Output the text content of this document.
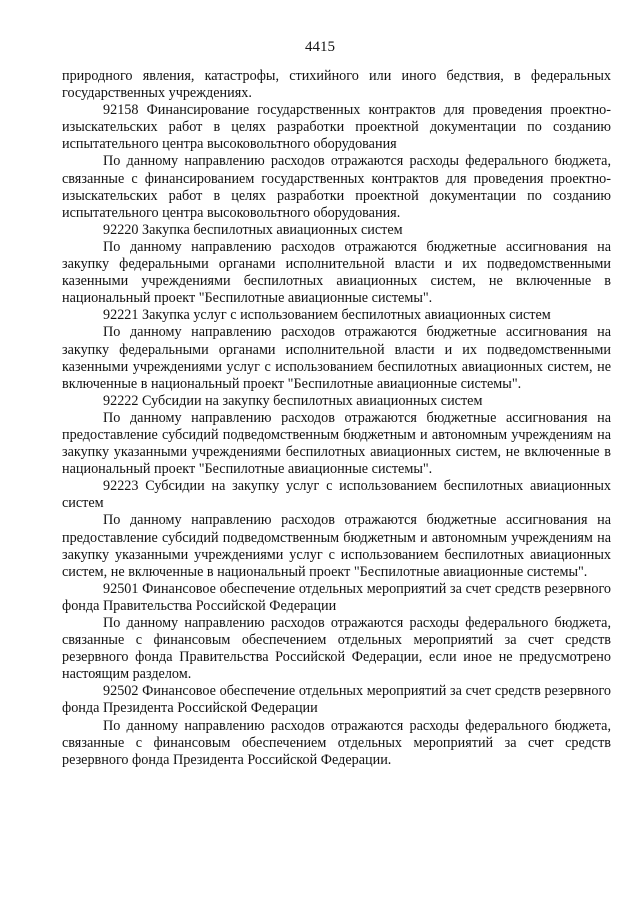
4415

природного явления, катастрофы, стихийного или иного бедствия, в федеральных государственных учреждениях.

92158 Финансирование государственных контрактов для проведения проектно-изыскательских работ в целях разработки проектной документации по созданию испытательного центра высоковольтного оборудования

По данному направлению расходов отражаются расходы федерального бюджета, связанные с финансированием государственных контрактов для проведения проектно-изыскательских работ в целях разработки проектной документации по созданию испытательного центра высоковольтного оборудования.

92220 Закупка беспилотных авиационных систем

По данному направлению расходов отражаются бюджетные ассигнования на закупку федеральными органами исполнительной власти и их подведомственными казенными учреждениями беспилотных авиационных систем, не включенные в национальный проект "Беспилотные авиационные системы".

92221 Закупка услуг с использованием беспилотных авиационных систем

По данному направлению расходов отражаются бюджетные ассигнования на закупку федеральными органами исполнительной власти и их подведомственными казенными учреждениями услуг с использованием беспилотных авиационных систем, не включенные в национальный проект "Беспилотные авиационные системы".

92222 Субсидии на закупку беспилотных авиационных систем

По данному направлению расходов отражаются бюджетные ассигнования на предоставление субсидий подведомственным бюджетным и автономным учреждениям на закупку указанными учреждениями беспилотных авиационных систем, не включенные в национальный проект "Беспилотные авиационные системы".

92223 Субсидии на закупку услуг с использованием беспилотных авиационных систем

По данному направлению расходов отражаются бюджетные ассигнования на предоставление субсидий подведомственным бюджетным и автономным учреждениям на закупку указанными учреждениями услуг с использованием беспилотных авиационных систем, не включенные в национальный проект "Беспилотные авиационные системы".

92501 Финансовое обеспечение отдельных мероприятий за счет средств резервного фонда Правительства Российской Федерации

По данному направлению расходов отражаются расходы федерального бюджета, связанные с финансовым обеспечением отдельных мероприятий за счет средств резервного фонда Правительства Российской Федерации, если иное не предусмотрено настоящим разделом.

92502 Финансовое обеспечение отдельных мероприятий за счет средств резервного фонда Президента Российской Федерации

По данному направлению расходов отражаются расходы федерального бюджета, связанные с финансовым обеспечением отдельных мероприятий за счет средств резервного фонда Президента Российской Федерации.
